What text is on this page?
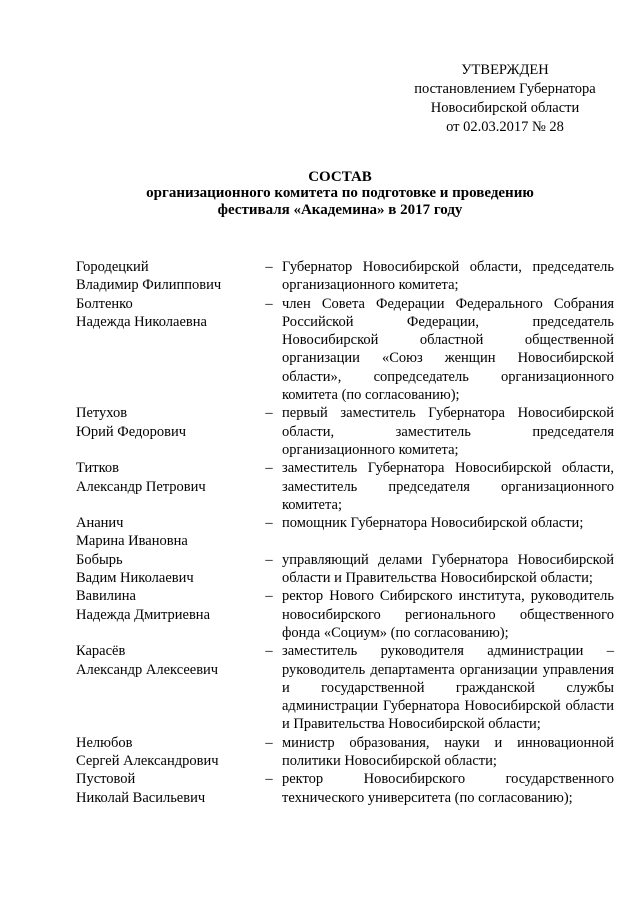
УТВЕРЖДЕН
постановлением Губернатора
Новосибирской области
от 02.03.2017 № 28
СОСТАВ
организационного комитета по подготовке и проведению
фестиваля «Академина» в 2017 году
Городецкий
Владимир Филиппович
– Губернатор Новосибирской области, председатель организационного комитета;
Болтенко
Надежда Николаевна
– член Совета Федерации Федерального Собрания Российской Федерации, председатель Новосибирской областной общественной организации «Союз женщин Новосибирской области», сопредседатель организационного комитета (по согласованию);
Петухов
Юрий Федорович
– первый заместитель Губернатора Новосибирской области, заместитель председателя организационного комитета;
Титков
Александр Петрович
– заместитель Губернатора Новосибирской области, заместитель председателя организационного комитета;
Ананич
Марина Ивановна
– помощник Губернатора Новосибирской области;
Бобырь
Вадим Николаевич
– управляющий делами Губернатора Новосибирской области и Правительства Новосибирской области;
Вавилина
Надежда Дмитриевна
– ректор Нового Сибирского института, руководитель новосибирского регионального общественного фонда «Социум» (по согласованию);
Карасёв
Александр Алексеевич
– заместитель руководителя администрации – руководитель департамента организации управления и государственной гражданской службы администрации Губернатора Новосибирской области и Правительства Новосибирской области;
Нелюбов
Сергей Александрович
– министр образования, науки и инновационной политики Новосибирской области;
Пустовой
Николай Васильевич
– ректор Новосибирского государственного технического университета (по согласованию);
